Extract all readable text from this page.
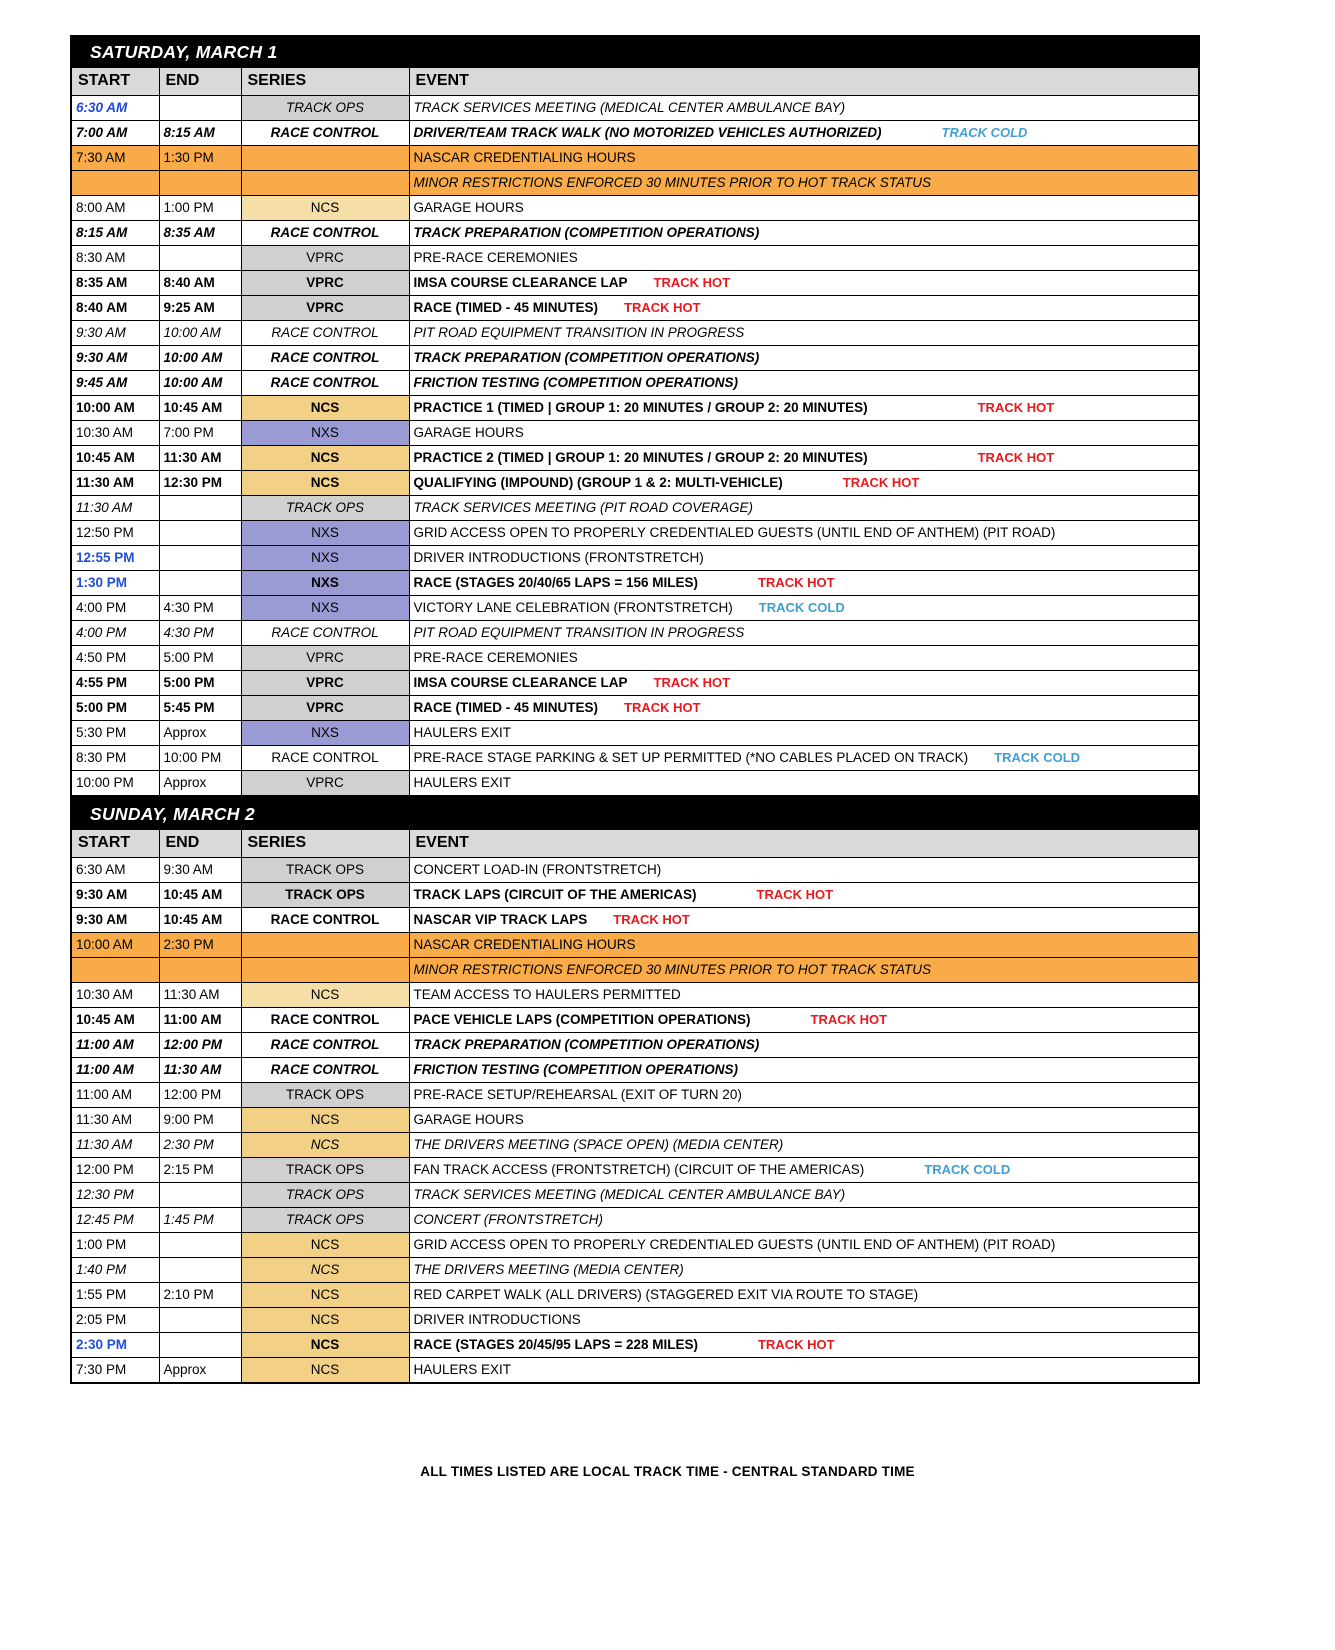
SATURDAY, MARCH 1			
START	END	SERIES	EVENT
6:30 AM		TRACK OPS	TRACK SERVICES MEETING (MEDICAL CENTER AMBULANCE BAY)
7:00 AM	8:15 AM	RACE CONTROL	DRIVER/TEAM TRACK WALK (NO MOTORIZED VEHICLES AUTHORIZED) TRACK COLD
7:30 AM	1:30 PM		NASCAR CREDENTIALING HOURS
			MINOR RESTRICTIONS ENFORCED 30 MINUTES PRIOR TO HOT TRACK STATUS
8:00 AM	1:00 PM	NCS	GARAGE HOURS
8:15 AM	8:35 AM	RACE CONTROL	TRACK PREPARATION (COMPETITION OPERATIONS)
8:30 AM		VPRC	PRE-RACE CEREMONIES
8:35 AM	8:40 AM	VPRC	IMSA COURSE CLEARANCE LAP TRACK HOT
8:40 AM	9:25 AM	VPRC	RACE (TIMED - 45 MINUTES) TRACK HOT
9:30 AM	10:00 AM	RACE CONTROL	PIT ROAD EQUIPMENT TRANSITION IN PROGRESS
9:30 AM	10:00 AM	RACE CONTROL	TRACK PREPARATION (COMPETITION OPERATIONS)
9:45 AM	10:00 AM	RACE CONTROL	FRICTION TESTING (COMPETITION OPERATIONS)
10:00 AM	10:45 AM	NCS	PRACTICE 1 (TIMED | GROUP 1: 20 MINUTES / GROUP 2: 20 MINUTES) TRACK HOT
10:30 AM	7:00 PM	NXS	GARAGE HOURS
10:45 AM	11:30 AM	NCS	PRACTICE 2 (TIMED | GROUP 1: 20 MINUTES / GROUP 2: 20 MINUTES) TRACK HOT
11:30 AM	12:30 PM	NCS	QUALIFYING (IMPOUND) (GROUP 1 & 2: MULTI-VEHICLE) TRACK HOT
11:30 AM		TRACK OPS	TRACK SERVICES MEETING (PIT ROAD COVERAGE)
12:50 PM		NXS	GRID ACCESS OPEN TO PROPERLY CREDENTIALED GUESTS (UNTIL END OF ANTHEM) (PIT ROAD)
12:55 PM		NXS	DRIVER INTRODUCTIONS (FRONTSTRETCH)
1:30 PM		NXS	RACE (STAGES 20/40/65 LAPS = 156 MILES) TRACK HOT
4:00 PM	4:30 PM	NXS	VICTORY LANE CELEBRATION (FRONTSTRETCH) TRACK COLD
4:00 PM	4:30 PM	RACE CONTROL	PIT ROAD EQUIPMENT TRANSITION IN PROGRESS
4:50 PM	5:00 PM	VPRC	PRE-RACE CEREMONIES
4:55 PM	5:00 PM	VPRC	IMSA COURSE CLEARANCE LAP TRACK HOT
5:00 PM	5:45 PM	VPRC	RACE (TIMED - 45 MINUTES) TRACK HOT
5:30 PM	Approx	NXS	HAULERS EXIT
8:30 PM	10:00 PM	RACE CONTROL	PRE-RACE STAGE PARKING & SET UP PERMITTED (*NO CABLES PLACED ON TRACK) TRACK COLD
10:00 PM	Approx	VPRC	HAULERS EXIT
SUNDAY, MARCH 2			
START	END	SERIES	EVENT
6:30 AM	9:30 AM	TRACK OPS	CONCERT LOAD-IN (FRONTSTRETCH)
9:30 AM	10:45 AM	TRACK OPS	TRACK LAPS (CIRCUIT OF THE AMERICAS) TRACK HOT
9:30 AM	10:45 AM	RACE CONTROL	NASCAR VIP TRACK LAPS TRACK HOT
10:00 AM	2:30 PM		NASCAR CREDENTIALING HOURS
			MINOR RESTRICTIONS ENFORCED 30 MINUTES PRIOR TO HOT TRACK STATUS
10:30 AM	11:30 AM	NCS	TEAM ACCESS TO HAULERS PERMITTED
10:45 AM	11:00 AM	RACE CONTROL	PACE VEHICLE LAPS (COMPETITION OPERATIONS) TRACK HOT
11:00 AM	12:00 PM	RACE CONTROL	TRACK PREPARATION (COMPETITION OPERATIONS)
11:00 AM	11:30 AM	RACE CONTROL	FRICTION TESTING (COMPETITION OPERATIONS)
11:00 AM	12:00 PM	TRACK OPS	PRE-RACE SETUP/REHEARSAL (EXIT OF TURN 20)
11:30 AM	9:00 PM	NCS	GARAGE HOURS
11:30 AM	2:30 PM	NCS	THE DRIVERS MEETING (SPACE OPEN) (MEDIA CENTER)
12:00 PM	2:15 PM	TRACK OPS	FAN TRACK ACCESS (FRONTSTRETCH) (CIRCUIT OF THE AMERICAS) TRACK COLD
12:30 PM		TRACK OPS	TRACK SERVICES MEETING (MEDICAL CENTER AMBULANCE BAY)
12:45 PM	1:45 PM	TRACK OPS	CONCERT (FRONTSTRETCH)
1:00 PM		NCS	GRID ACCESS OPEN TO PROPERLY CREDENTIALED GUESTS (UNTIL END OF ANTHEM) (PIT ROAD)
1:40 PM		NCS	THE DRIVERS MEETING (MEDIA CENTER)
1:55 PM	2:10 PM	NCS	RED CARPET WALK (ALL DRIVERS) (STAGGERED EXIT VIA ROUTE TO STAGE)
2:05 PM		NCS	DRIVER INTRODUCTIONS
2:30 PM		NCS	RACE (STAGES 20/45/95 LAPS = 228 MILES) TRACK HOT
7:30 PM	Approx	NCS	HAULERS EXIT
ALL TIMES LISTED ARE LOCAL TRACK TIME - CENTRAL STANDARD TIME
